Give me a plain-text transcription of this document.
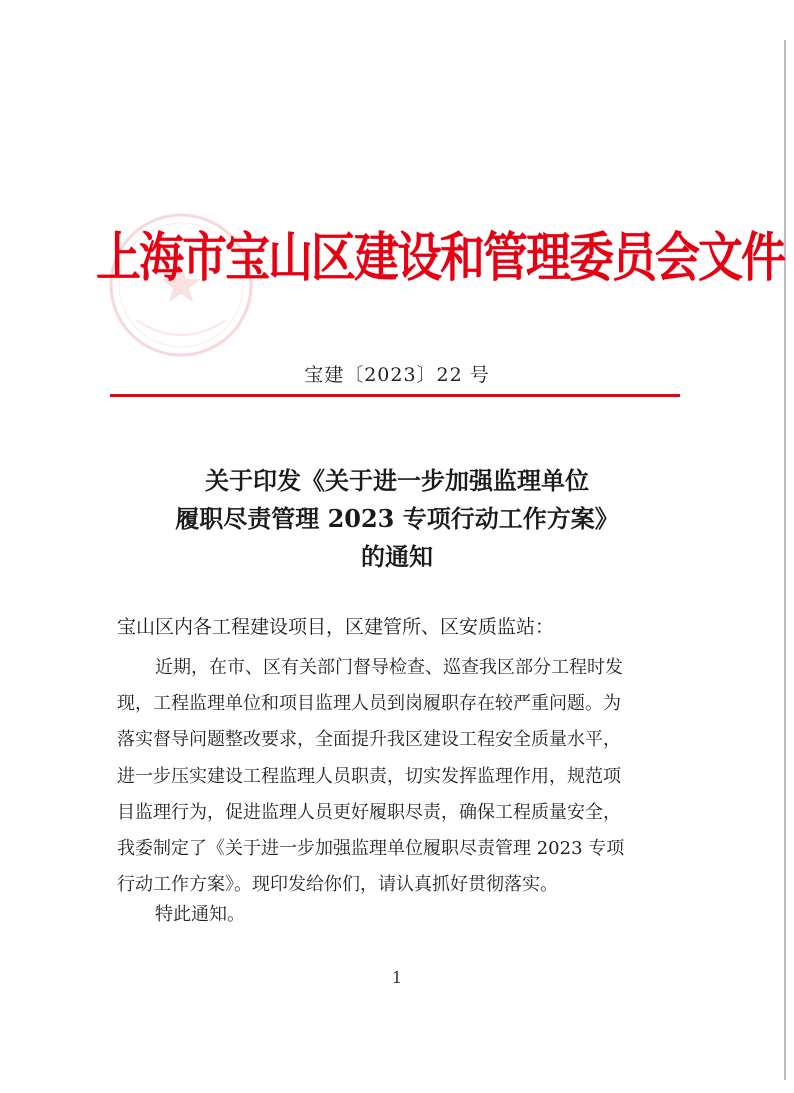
上海市宝山区建设和管理委员会文件
宝建〔2023〕22 号
关于印发《关于进一步加强监理单位
履职尽责管理 2023 专项行动工作方案》
的通知
宝山区内各工程建设项目，区建管所、区安质监站：
近期，在市、区有关部门督导检查、巡查我区部分工程时发
现，工程监理单位和项目监理人员到岗履职存在较严重问题。为
落实督导问题整改要求，全面提升我区建设工程安全质量水平，
进一步压实建设工程监理人员职责，切实发挥监理作用，规范项
目监理行为，促进监理人员更好履职尽责，确保工程质量安全，
我委制定了《关于进一步加强监理单位履职尽责管理 2023 专项
行动工作方案》。现印发给你们，请认真抓好贯彻落实。
特此通知。
1
